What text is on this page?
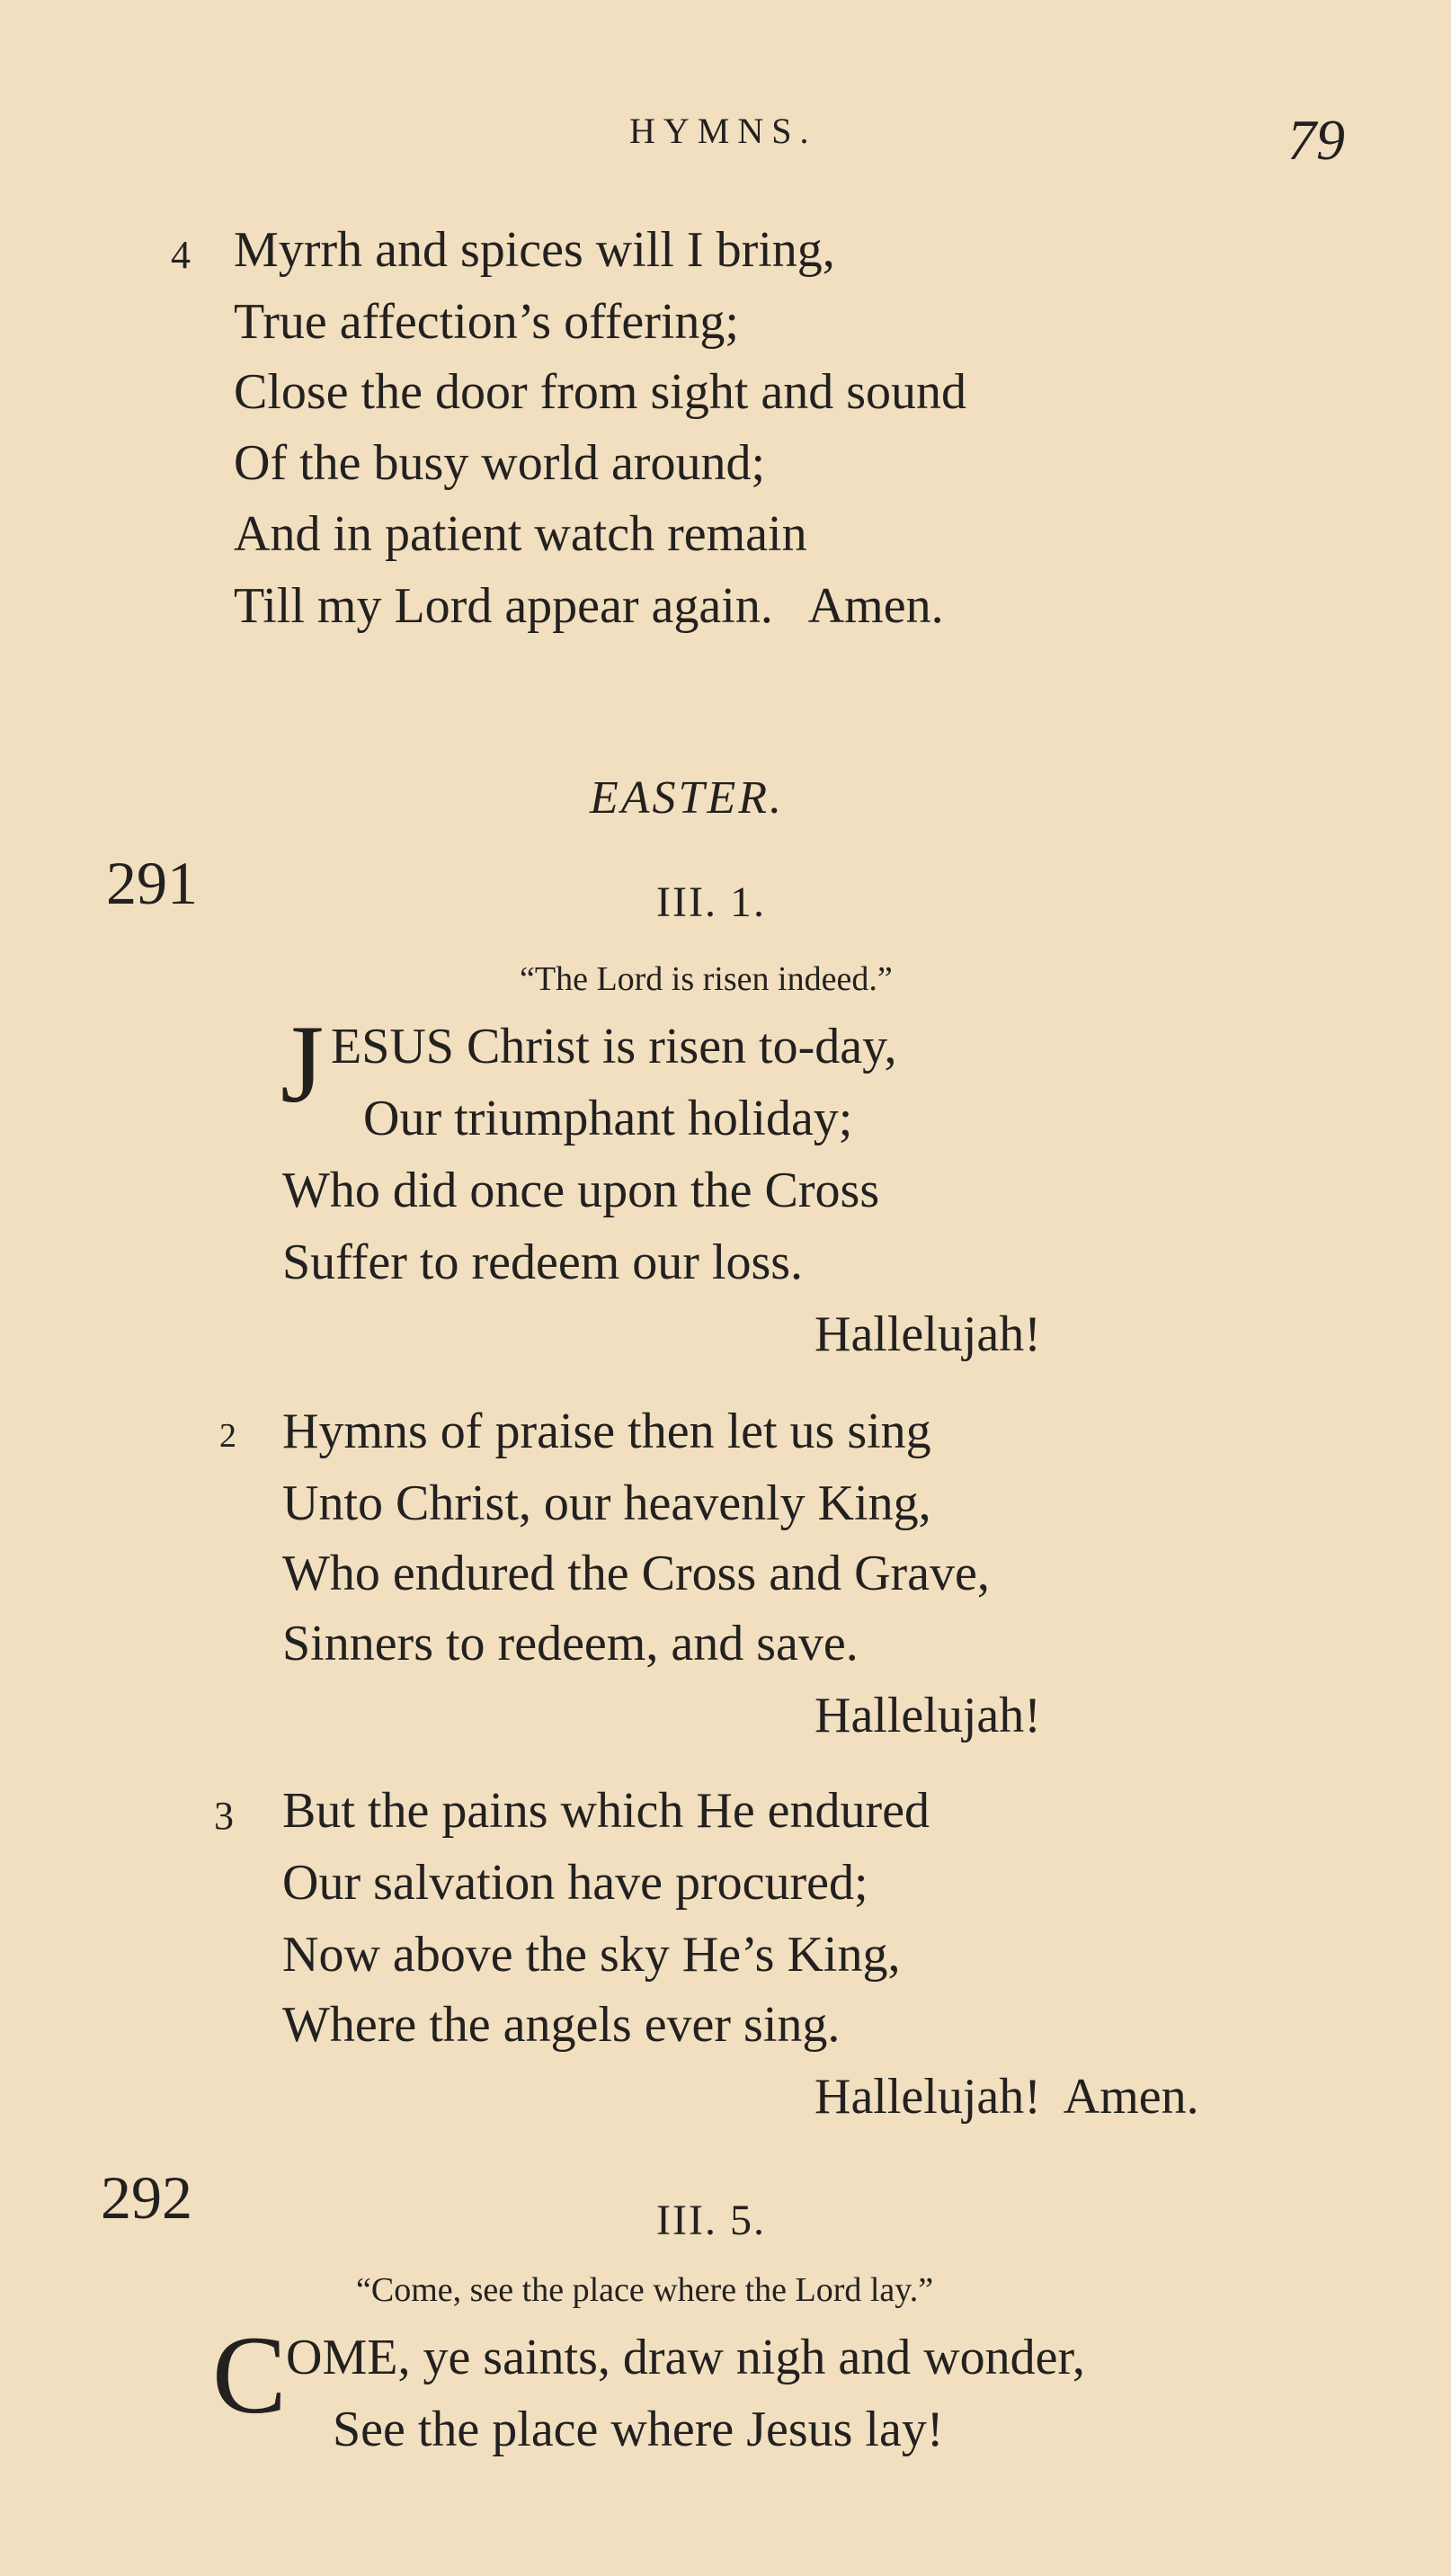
HYMNS.	79
4 Myrrh and spices will I bring,
True affection’s offering;
Close the door from sight and sound
Of the busy world around;
And in patient watch remain
Till my Lord appear again.   Amen.
EASTER.
291	III. 1.
“The Lord is risen indeed.”
J ESUS Christ is risen to-day,
Our triumphant holiday;
Who did once upon the Cross
Suffer to redeem our loss.
Hallelujah!
2 Hymns of praise then let us sing
Unto Christ, our heavenly King,
Who endured the Cross and Grave,
Sinners to redeem, and save.
Hallelujah!
3 But the pains which He endured
Our salvation have procured;
Now above the sky He’s King,
Where the angels ever sing.
Hallelujah!  Amen.
292	III. 5.
“Come, see the place where the Lord lay.”
C OME, ye saints, draw nigh and wonder,
See the place where Jesus lay!
